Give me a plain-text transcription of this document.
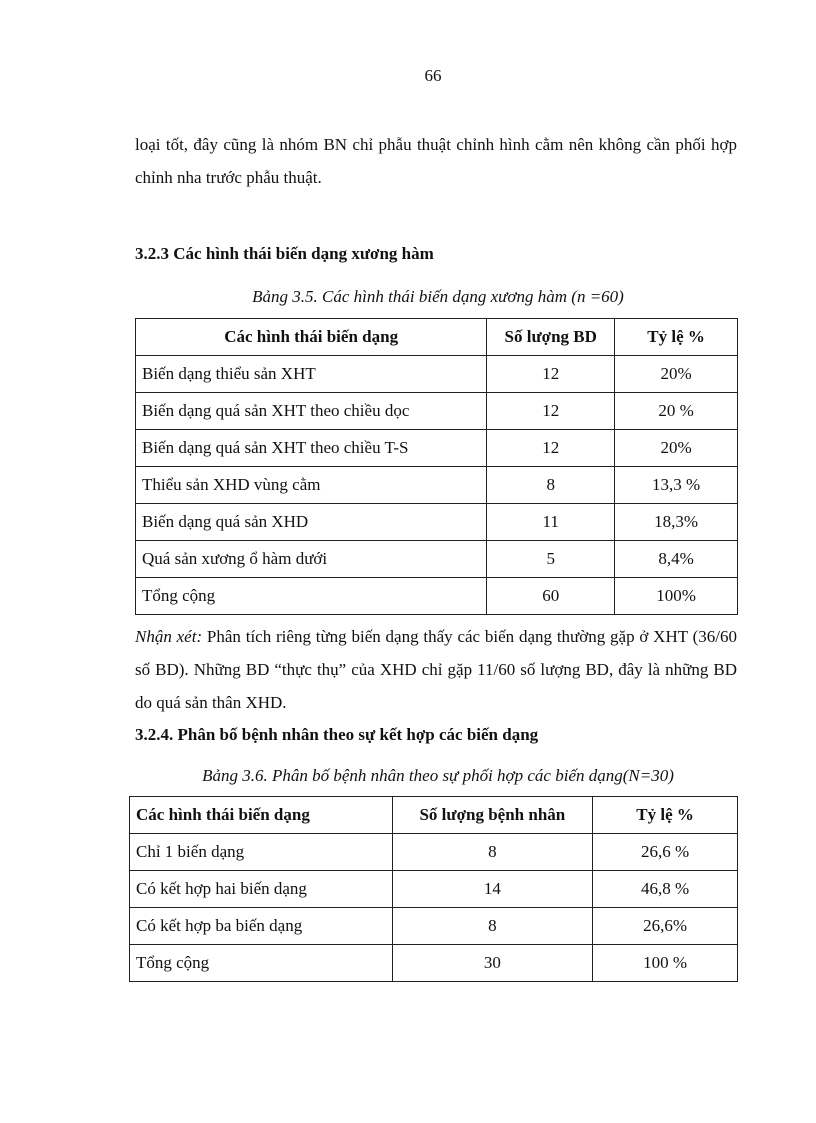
66
loại tốt, đây cũng là nhóm BN chỉ phẫu thuật chỉnh hình cằm nên không cần phối hợp chỉnh nha trước phẫu thuật.
3.2.3 Các hình thái biến dạng xương hàm
Bảng 3.5. Các hình thái biến dạng xương hàm (n =60)
Các hình thái biến dạng	Số lượng BD	Tỷ lệ %
Biến dạng thiểu sản XHT	12	20%
Biến dạng quá sản XHT theo chiều dọc	12	20 %
Biến dạng quá sản XHT theo chiều T-S	12	20%
Thiểu sản XHD vùng cằm	8	13,3 %
Biến dạng quá sản XHD	11	18,3%
Quá sản xương ổ hàm dưới	5	8,4%
Tổng cộng	60	100%
Nhận xét: Phân tích riêng từng biến dạng thấy các biến dạng thường gặp ở XHT (36/60 số BD). Những BD “thực thụ” của XHD chỉ gặp 11/60 số lượng BD, đây là những BD do quá sản thân XHD.
3.2.4. Phân bố bệnh nhân theo sự kết hợp các biến dạng
Bảng 3.6. Phân bố bệnh nhân theo sự phối hợp các biến dạng(N=30)
Các hình thái biến dạng	Số lượng bệnh nhân	Tỷ lệ %
Chỉ 1 biến dạng	8	26,6 %
Có kết hợp hai biến dạng	14	46,8 %
Có kết hợp ba biến dạng	8	26,6%
Tổng cộng	30	100 %
